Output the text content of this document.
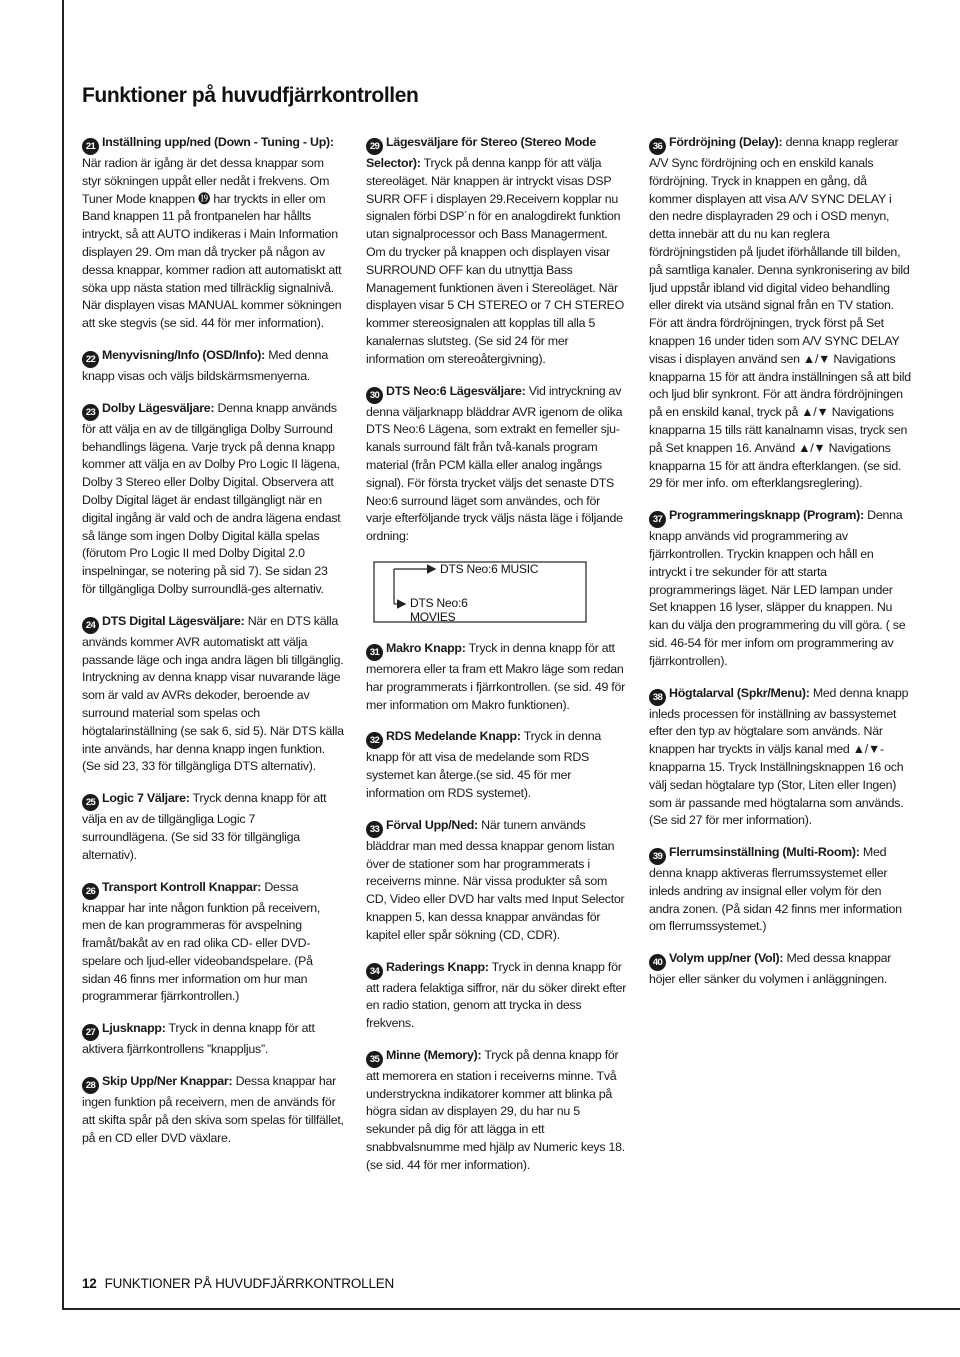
Funktioner på huvudfjärrkontrollen

21 Inställning upp/ned (Down - Tuning - Up): När radion är igång är det dessa knappar som styr sökningen uppåt eller nedåt i frekvens. Om Tuner Mode knappen ⓳ har tryckts in eller om Band knappen 11 på frontpanelen har hållts intryckt, så att AUTO indikeras i Main Information displayen 29. Om man då trycker på någon av dessa knappar, kommer radion att automatiskt att söka upp nästa station med tillräcklig signalnivå. När displayen visas MANUAL kommer sökningen att ske stegvis (se sid. 44 för mer information).

22 Menyvisning/Info (OSD/Info): Med denna knapp visas och väljs bildskärmsmenyerna.

23 Dolby Lägesväljare: Denna knapp används för att välja en av de tillgängliga Dolby Surround behandlings lägena. Varje tryck på denna knapp kommer att välja en av Dolby Pro Logic II lägena, Dolby 3 Stereo eller Dolby Digital. Observera att Dolby Digital läget är endast tillgängligt när en digital ingång är vald och de andra lägena endast så länge som ingen Dolby Digital källa spelas (förutom Pro Logic II med Dolby Digital 2.0 inspelningar, se notering på sid 7). Se sidan 23 för tillgängliga Dolby surroundlä-ges alternativ.

24 DTS Digital Lägesväljare: När en DTS källa används kommer AVR automatiskt att välja passande läge och inga andra lägen bli tillgänglig. Intryckning av denna knapp visar nuvarande läge som är vald av AVRs dekoder, beroende av surround material som spelas och högtalarinställning (se sak 6, sid 5). När DTS källa inte används, har denna knapp ingen funktion. (Se sid 23, 33 för tillgängliga DTS alternativ).

25 Logic 7 Väljare: Tryck denna knapp för att välja en av de tillgängliga Logic 7 surroundlägena. (Se sid 33 för tillgängliga alternativ).

26 Transport Kontroll Knappar: Dessa knappar har inte någon funktion på receivern, men de kan programmeras för avspelning framåt/bakåt av en rad olika CD- eller DVD-spelare och ljud-eller videobandspelare. (På sidan 46 finns mer information om hur man programmerar fjärrkontrollen.)

27 Ljusknapp: Tryck in denna knapp för att aktivera fjärrkontrollens ”knappljus”.

28 Skip Upp/Ner Knappar: Dessa knappar har ingen funktion på receivern, men de används för att skifta spår på den skiva som spelas för tillfället, på en CD eller DVD växlare.

29 Lägesväljare för Stereo (Stereo Mode Selector): Tryck på denna kanpp för att välja stereoläget. När knappen är intryckt visas DSP SURR OFF i displayen 29.Receivern kopplar nu signalen förbi DSP´n för en analogdirekt funktion utan signalprocessor och Bass Managerment. Om du trycker på knappen och displayen visar SURROUND OFF kan du utnyttja Bass Management funktionen även i Stereoläget. När displayen visar 5 CH STEREO or 7 CH STEREO kommer stereosignalen att kopplas till alla 5 kanalernas slutsteg. (Se sid 24 för mer information om stereoåtergivning).

30 DTS Neo:6 Lägesväljare: Vid intryckning av denna väljarknapp bläddrar AVR igenom de olika DTS Neo:6 Lägena, som extrakt en femeller sju-kanals surround fält från två-kanals program material (från PCM källa eller analog ingångs signal). För första trycket väljs det senaste DTS Neo:6 surround läget som användes, och för varje efterföljande tryck väljs nästa läge i följande ordning:

DTS Neo:6 MUSIC
DTS Neo:6
MOVIES

31 Makro Knapp: Tryck in denna knapp för att memorera eller ta fram ett Makro läge som redan har programmerats i fjärrkontrollen. (se sid. 49 för mer information om Makro funktionen).

32 RDS Medelande Knapp: Tryck in denna knapp för att visa de medelande som RDS systemet kan återge.(se sid. 45 för mer information om RDS systemet).

33 Förval Upp/Ned: När tunern används bläddrar man med dessa knappar genom listan över de stationer som har programmerats i receiverns minne. När vissa produkter så som CD, Video eller DVD har valts med Input Selector knappen 5, kan dessa knappar användas för kapitel eller spår sökning (CD, CDR).

34 Raderings Knapp: Tryck in denna knapp för att radera felaktiga siffror, när du söker direkt efter en radio station, genom att trycka in dess frekvens.

35 Minne (Memory): Tryck på denna knapp för att memorera en station i receiverns minne. Två understryckna indikatorer kommer att blinka på högra sidan av displayen 29, du har nu 5 sekunder på dig för att lägga in ett snabbvalsnumme med hjälp av Numeric keys 18. (se sid. 44 för mer information).

36 Fördröjning (Delay): denna knapp reglerar A/V Sync fördröjning och en enskild kanals fördröjning. Tryck in knappen en gång, då kommer displayen att visa A/V SYNC DELAY i den nedre displayraden 29 och i OSD menyn, detta innebär att du nu kan reglera fördröjningstiden på ljudet iförhållande till bilden, på samtliga kanaler. Denna synkronisering av bild ljud uppstår ibland vid digital video behandling eller direkt via utsänd signal från en TV station. För att ändra fördröjningen, tryck först på Set knappen 16 under tiden som A/V SYNC DELAY visas i displayen använd sen ▲/▼ Navigations knapparna 15 för att ändra inställningen så att bild och ljud blir synkront. För att ändra fördröjningen på en enskild kanal, tryck på ▲/▼ Navigations knapparna 15 tills rätt kanalnamn visas, tryck sen på Set knappen 16. Använd ▲/▼ Navigations knapparna 15 för att ändra efterklangen. (se sid. 29 för mer info. om efterklangsreglering).

37 Programmeringsknapp (Program): Denna knapp används vid programmering av fjärrkontrollen. Tryckin knappen och håll en intryckt i tre sekunder för att starta programmerings läget. När LED lampan under Set knappen 16 lyser, släpper du knappen. Nu kan du välja den programmering du vill göra. ( se sid. 46-54 för mer infom om programmering av fjärrkontrollen).

38 Högtalarval (Spkr/Menu): Med denna knapp inleds processen för inställning av bassystemet efter den typ av högtalare som används. När knappen har tryckts in väljs kanal med ▲/▼-knapparna 15. Tryck Inställningsknappen 16 och välj sedan högtalare typ (Stor, Liten eller Ingen) som är passande med högtalarna som används. (Se sid 27 för mer information).

39 Flerrumsinställning (Multi-Room): Med denna knapp aktiveras flerrumssystemet eller inleds andring av insignal eller volym för den andra zonen. (På sidan 42 finns mer information om flerrumssystemet.)

40 Volym upp/ner (Vol): Med dessa knappar höjer eller sänker du volymen i anläggningen.

12 FUNKTIONER PÅ HUVUDFJÄRRKONTROLLEN
